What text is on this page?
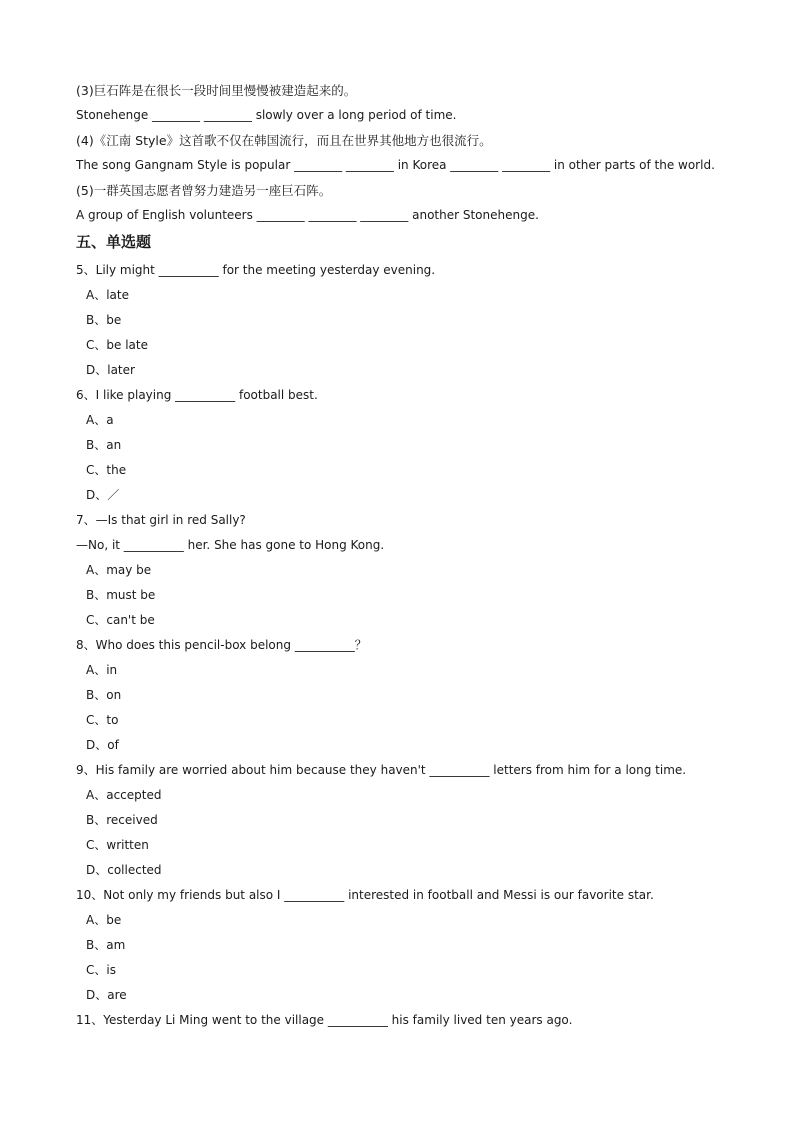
(3)巨石阵是在很长一段时间里慢慢被建造起来的。
Stonehenge ________ ________ slowly over a long period of time.
(4)《江南 Style》这首歌不仅在韩国流行，而且在世界其他地方也很流行。
The song Gangnam Style is popular ________ ________ in Korea ________ ________ in other parts of the world.
(5)一群英国志愿者曾努力建造另一座巨石阵。
A group of English volunteers ________ ________ ________ another Stonehenge.
五、单选题
5、Lily might __________ for the meeting yesterday evening.
A、late
B、be
C、be late
D、later
6、I like playing __________ football best.
A、a
B、an
C、the
D、／
7、—Is that girl in red Sally?
—No, it __________ her. She has gone to Hong Kong.
A、may be
B、must be
C、can't be
8、Who does this pencil-box belong __________？
A、in
B、on
C、to
D、of
9、His family are worried about him because they haven't __________ letters from him for a long time.
A、accepted
B、received
C、written
D、collected
10、Not only my friends but also I __________ interested in football and Messi is our favorite star.
A、be
B、am
C、is
D、are
11、Yesterday Li Ming went to the village __________ his family lived ten years ago.
